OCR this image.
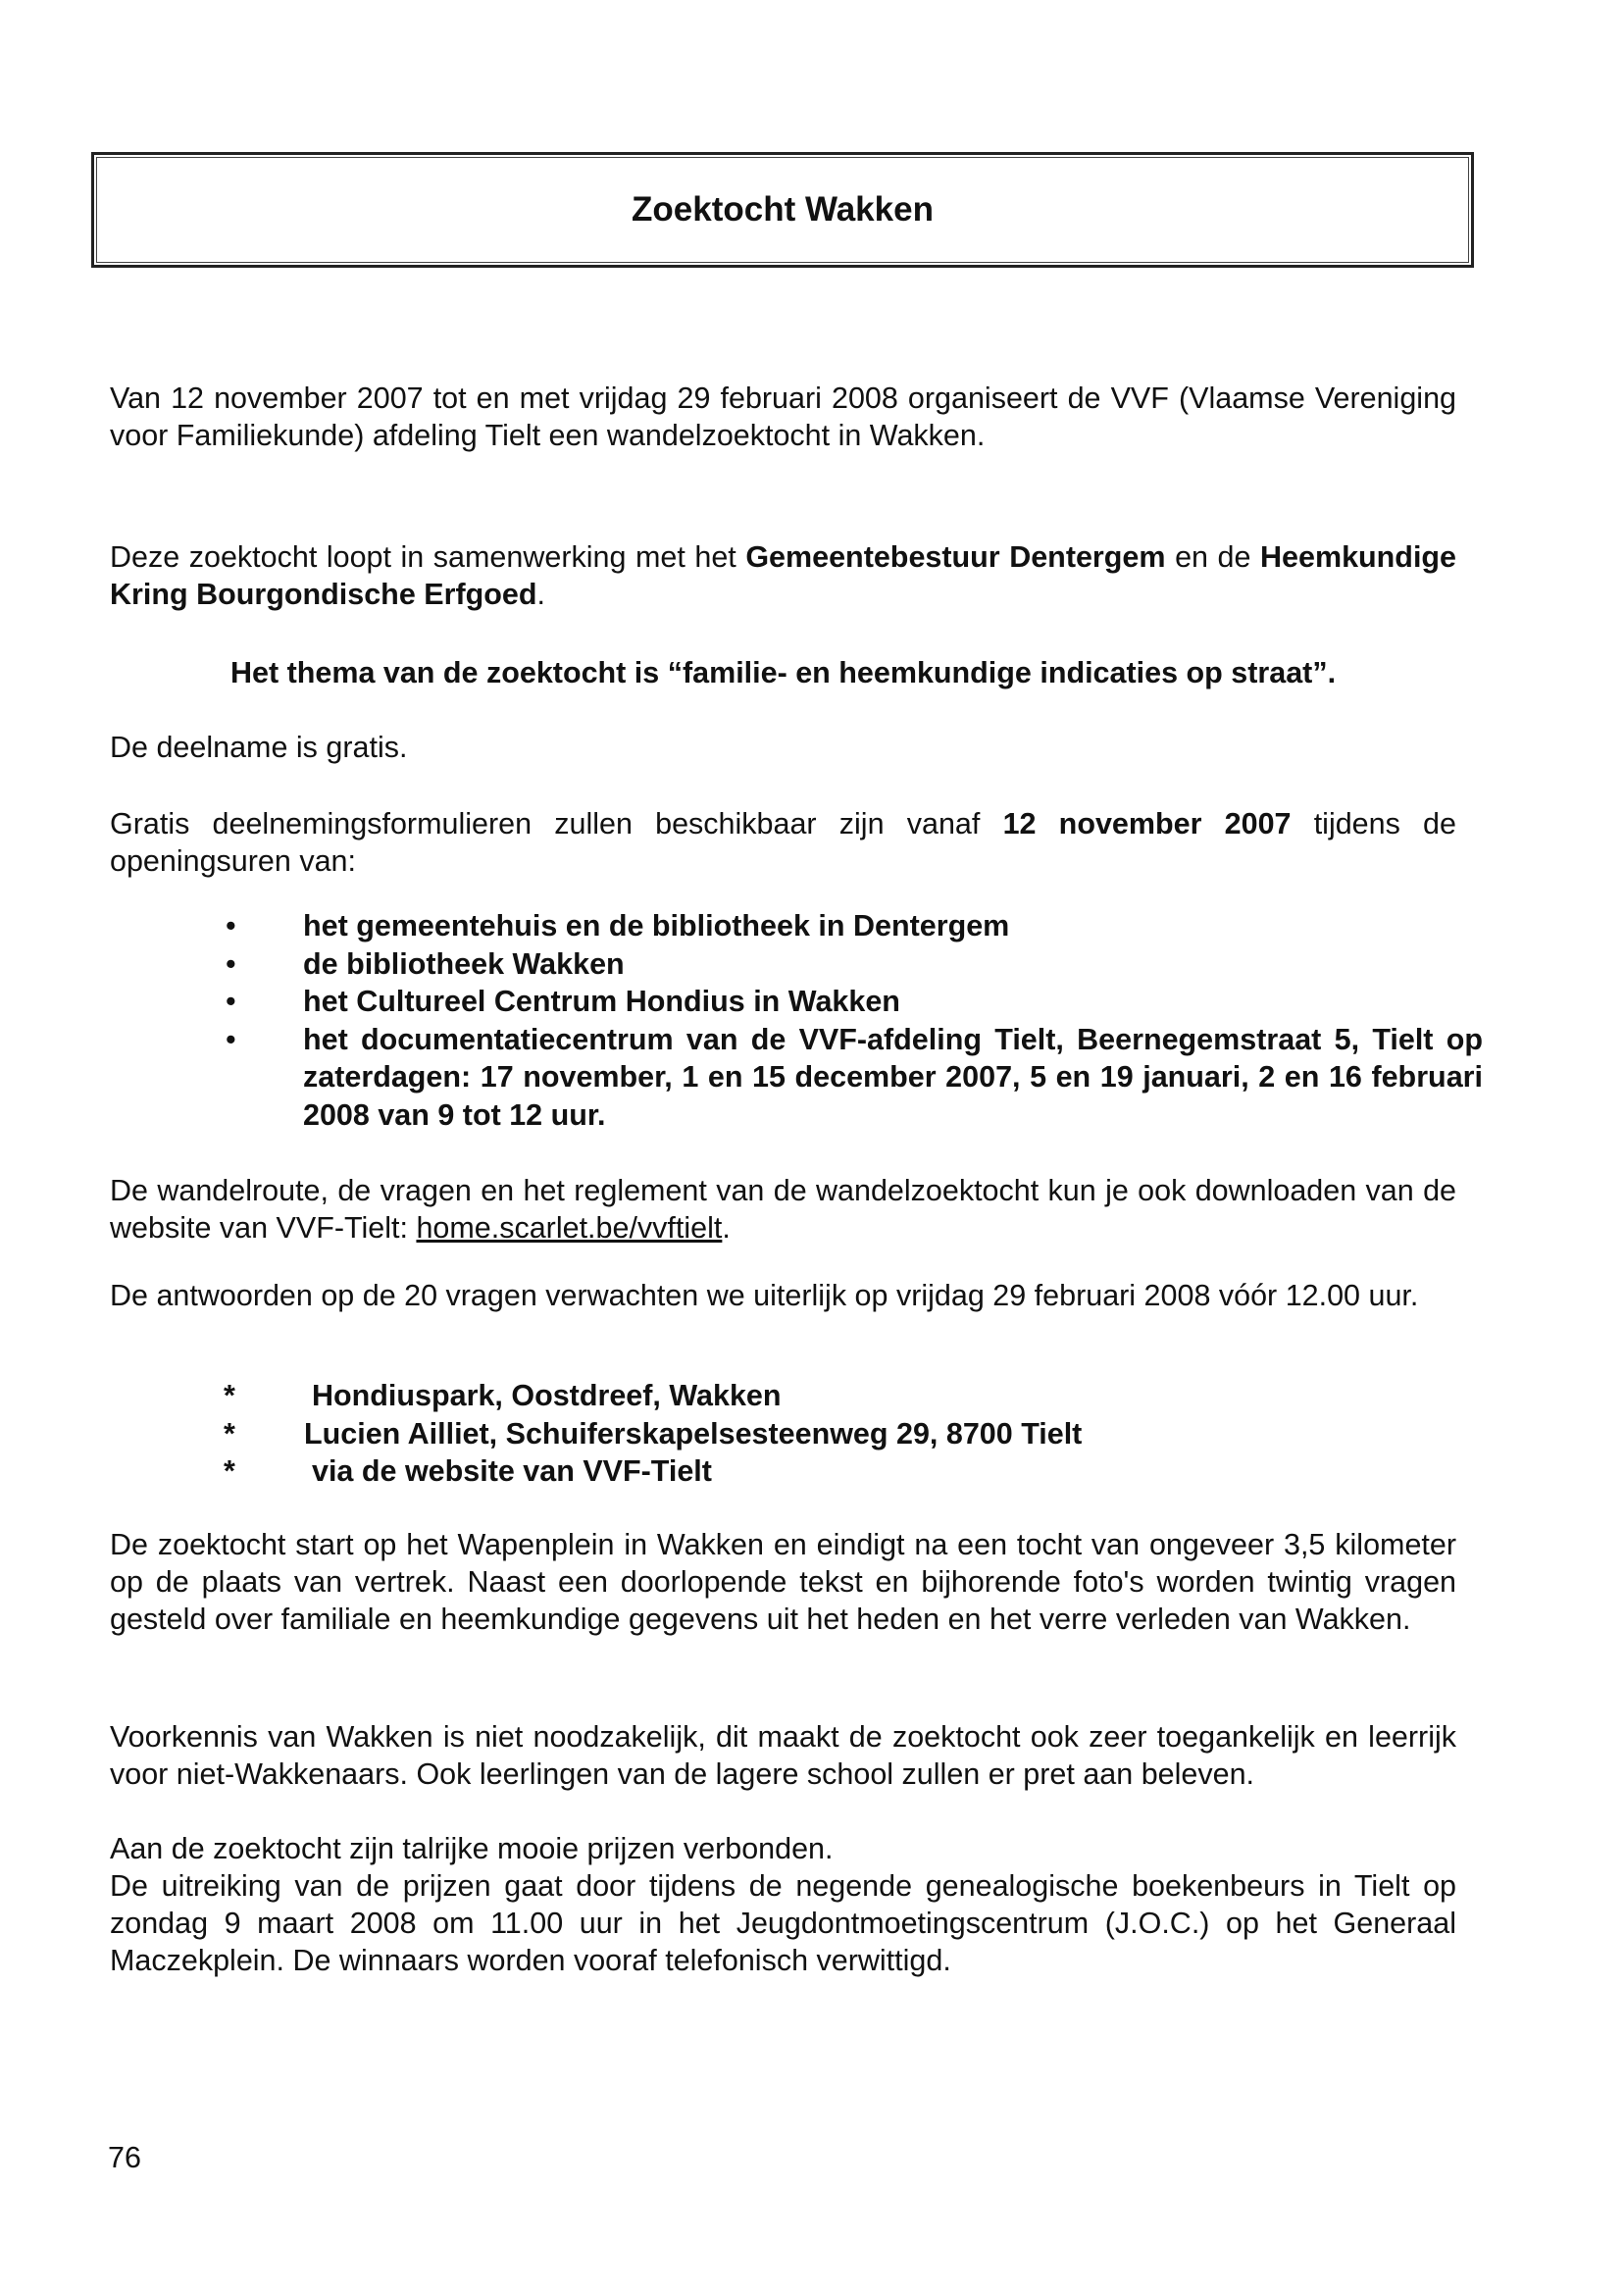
Zoektocht Wakken
Van 12 november 2007 tot en met vrijdag 29 februari 2008 organiseert de VVF (Vlaamse Vereniging voor Familiekunde) afdeling Tielt een wandelzoektocht in Wakken.
Deze zoektocht loopt in samenwerking met het Gemeentebestuur Dentergem en de Heemkundige Kring Bourgondische Erfgoed.
Het thema van de zoektocht is “familie- en heemkundige indicaties op straat”.
De deelname is gratis.
Gratis deelnemingsformulieren zullen beschikbaar zijn vanaf 12 november 2007 tijdens de openingsuren van:
• het gemeentehuis en de bibliotheek in Dentergem
• de bibliotheek Wakken
• het Cultureel Centrum Hondius in Wakken
• het documentatiecentrum van de VVF-afdeling Tielt, Beernegemstraat 5, Tielt op zaterdagen: 17 november, 1 en 15 december 2007, 5 en 19 januari, 2 en 16 februari 2008 van 9 tot 12 uur.
De wandelroute, de vragen en het reglement van de wandelzoektocht kun je ook downloaden van de website van VVF-Tielt: home.scarlet.be/vvftielt.
De antwoorden op de 20 vragen verwachten we uiterlijk op vrijdag 29 februari 2008 vóór 12.00 uur.
*	Hondiuspark, Oostdreef, Wakken
* Lucien Ailliet, Schuiferskapelsesteenweg 29, 8700 Tielt
*	via de website van VVF-Tielt
De zoektocht start op het Wapenplein in Wakken en eindigt na een tocht van ongeveer 3,5 kilometer op de plaats van vertrek. Naast een doorlopende tekst en bijhorende foto's worden twintig vragen gesteld over familiale en heemkundige gegevens uit het heden en het verre verleden van Wakken.
Voorkennis van Wakken is niet noodzakelijk, dit maakt de zoektocht ook zeer toegankelijk en leerrijk voor niet-Wakkenaars. Ook leerlingen van de lagere school zullen er pret aan beleven.
Aan de zoektocht zijn talrijke mooie prijzen verbonden.
De uitreiking van de prijzen gaat door tijdens de negende genealogische boekenbeurs in Tielt op zondag 9 maart 2008 om 11.00 uur in het Jeugdontmoetingscentrum (J.O.C.) op het Generaal Maczekplein. De winnaars worden vooraf telefonisch verwittigd.
76
